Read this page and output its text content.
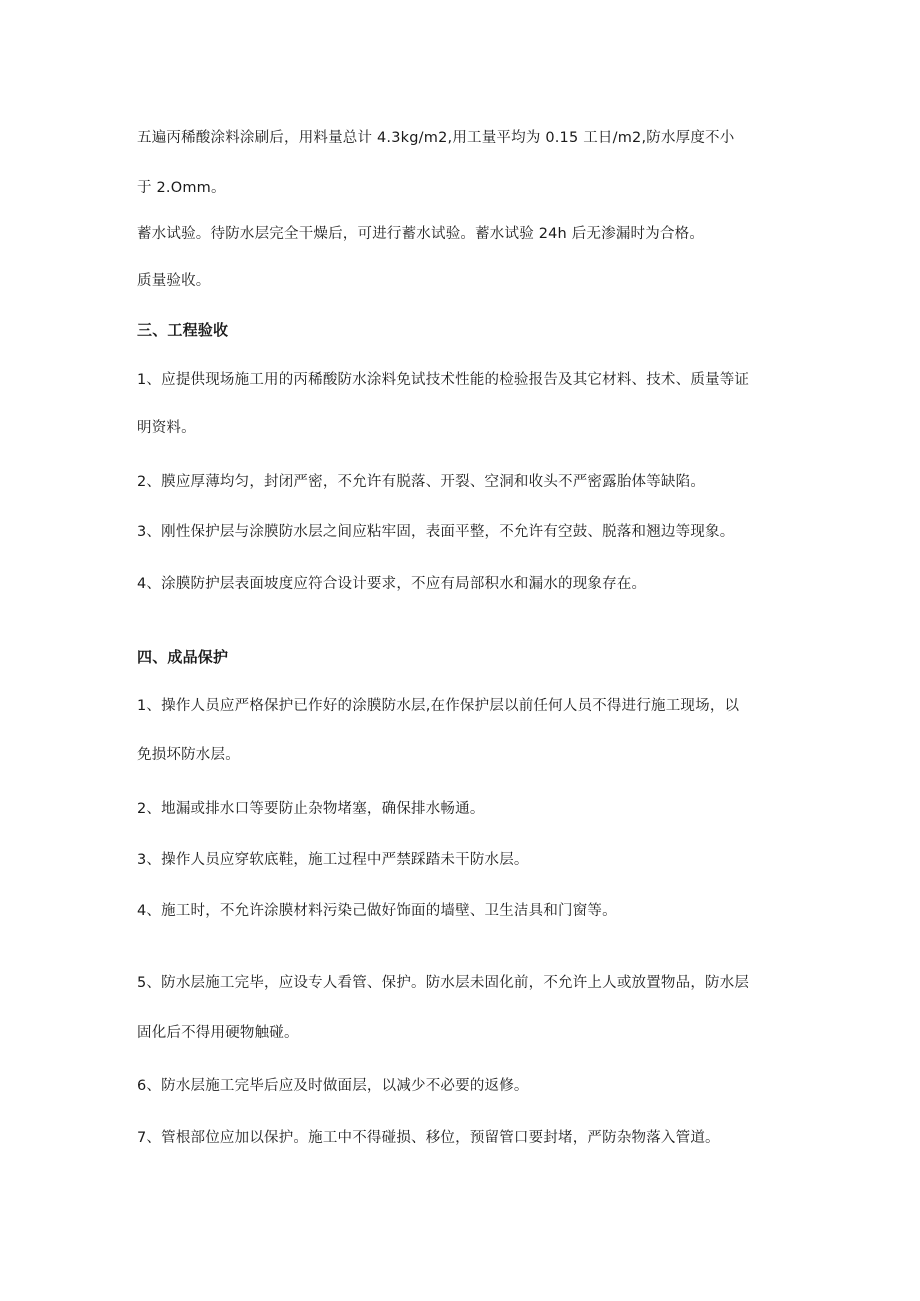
五遍丙稀酸涂料涂刷后，用料量总计 4.3kg/m2,用工量平均为 0.15 工日/m2,防水厚度不小
于 2.Omm。
蓄水试验。待防水层完全干燥后，可进行蓄水试验。蓄水试验 24h 后无渗漏时为合格。
质量验收。
三、工程验收
1、应提供现场施工用的丙稀酸防水涂料免试技术性能的检验报告及其它材料、技术、质量等证
明资料。
2、膜应厚薄均匀，封闭严密，不允许有脱落、开裂、空洞和收头不严密露胎体等缺陷。
3、刚性保护层与涂膜防水层之间应粘牢固，表面平整，不允许有空鼓、脱落和翘边等现象。
4、涂膜防护层表面坡度应符合设计要求，不应有局部积水和漏水的现象存在。
四、成品保护
1、操作人员应严格保护已作好的涂膜防水层,在作保护层以前任何人员不得进行施工现场，以
免损坏防水层。
2、地漏或排水口等要防止杂物堵塞，确保排水畅通。
3、操作人员应穿软底鞋，施工过程中严禁踩踏未干防水层。
4、施工时，不允许涂膜材料污染己做好饰面的墙壁、卫生洁具和门窗等。
5、防水层施工完毕，应设专人看管、保护。防水层未固化前，不允许上人或放置物品，防水层
固化后不得用硬物触碰。
6、防水层施工完毕后应及时做面层，以减少不必要的返修。
7、管根部位应加以保护。施工中不得碰损、移位，预留管口要封堵，严防杂物落入管道。
